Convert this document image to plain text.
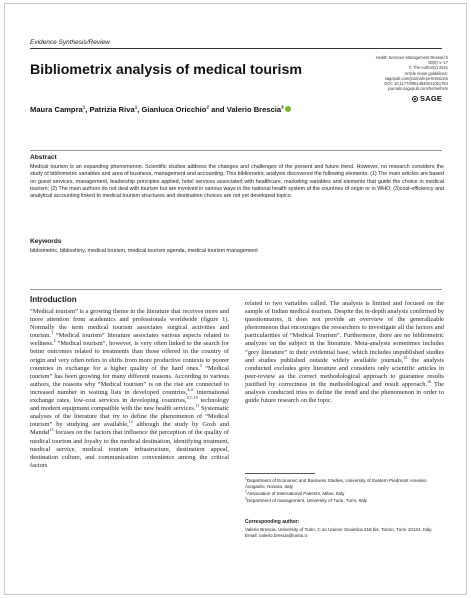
Evidence Synthesis/Review
Health Services Management Research
00(0) 1–17
© The Author(s) 2021
Article reuse guidelines:
sagepub.com/journals-permissions
DOI: 10.1177/09514848211061784
journals.sagepub.com/home/hsm
SAGE
Bibliometrix analysis of medical tourism
Maura Campra$^1$, Patrizia Riva$^1$, Gianluca Oricchio$^2$ and Valerio Brescia$^3$
Abstract
Medical tourism is an expanding phenomenon. Scientific studies address the changes and challenges of the present and future trend. However, no research considers the study of bibliometric variables and area of business, management and accounting. This bibliometric analysis discovered the following elements: (1) The main articles are based on guest services, management, leadership principles applied, hotel services associated with healthcare, marketing variables and elements that guide the choice in medical tourism; (2) The main authors do not deal with tourism but are involved in various ways in the national health system of the countries of origin or in WHO; (3)cost-efficiency and analytical accounting linked to medical tourism structures and destination choices are not yet developed topics.
Keywords
bibliometric, biblioshiny, medical tourism, medical tourism agenda, medical tourism management
Introduction
“Medical tourism” is a growing theme in the literature that receives more and more attention from academics and professionals worldwide (figure 1). Normally the term medical tourism associates surgical activities and tourism.$^1$ “Medical tourism” literature associates various aspects related to wellness.$^2$ “Medical tourism”, however, is very often linked to the search for better outcomes related to treatments than those offered in the country of origin and very often refers to shifts from more productive contexts to poorer countries in exchange for a higher quality of the hard ones.$^3$ “Medical tourism” has been growing for many different reasons. According to various authors, the reasons why “Medical tourism” is on the rise are connected to increased number in waiting lists in developed countries,$^{4-6}$ international exchange rates, low-cost services in developing countries,$^{4,7-10}$ technology and modern equipment compatible with the new health services.$^{11}$ Systematic analyses of the literature that try to define the phenomenon of “Medical tourism” by studying are available,$^{12}$ although the study by Gosh and Mandal$^{13}$ focuses on the factors that influence the perception of the quality of medical tourism and loyalty to the medical destination, identifying treatment, medical service, medical tourism infrastructure, destination appeal, destination culture, and communication convenience among the critical factors
related to two variables called. The analysis is limited and focused on the sample of Indian medical tourism. Despite the in-depth analysis confirmed by questionnaires, it does not provide an overview of the generalizable phenomenon that encourages the researchers to investigate all the factors and particularities of “Medical Tourism”. Furthermore, there are no bibliometric analyzes on the subject in the literature. Meta-analysts sometimes includes “grey literature” in their evidential base, which includes unpublished studies and studies published outside widely available journals,$^{15}$ the analysis conducted excludes grey literature and considers only scientific articles in peer-review as the correct methodological approach to guarantee results justified by correctness in the methodological and result approach.$^{16}$ The analysis conducted tries to define the trend and the phenomenon in order to guide future research on the topic.

$^1$Department of Economic and Business Studies, University of Eastern Piedmont Amedeo Avogadro, Novara, Italy

$^2$Association of International Patients, Milan, Italy

$^3$Department of management, University of Turin, Turin, Italy

Corresponding author:
Valerio Brescia, University of Turin, C.so Unione Sovietica 218 bis, Torino, Turin 10124, Italy.
Email: valerio.brescia@unito.it
